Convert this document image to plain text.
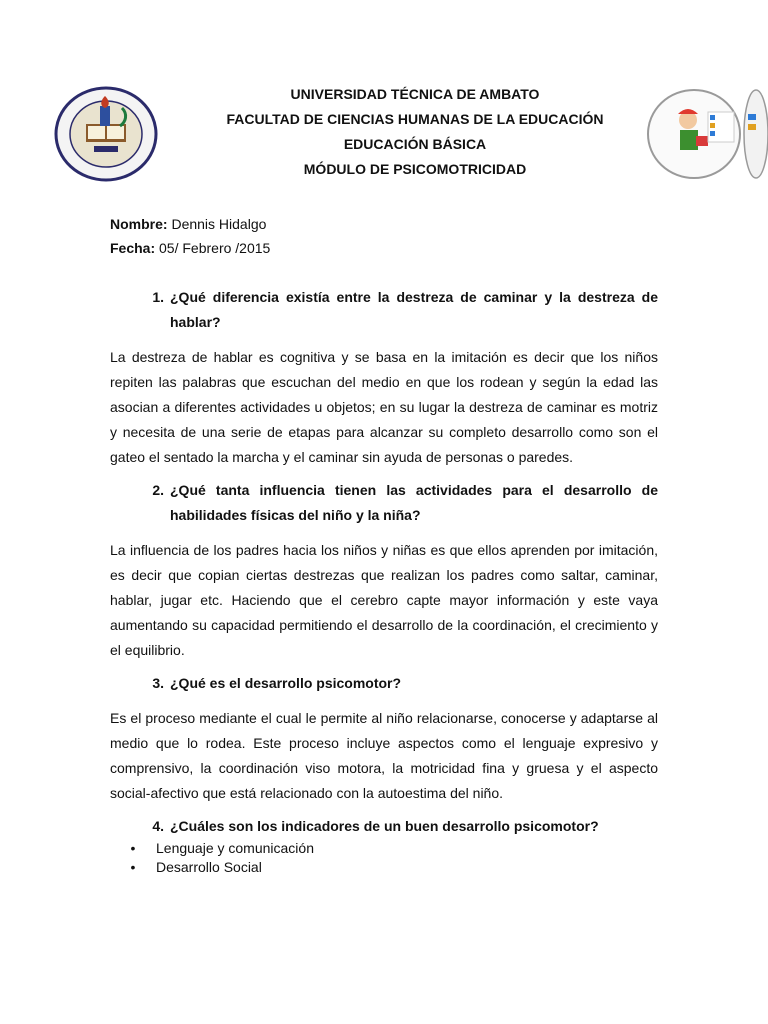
UNIVERSIDAD TÉCNICA DE AMBATO
FACULTAD DE CIENCIAS HUMANAS DE LA EDUCACIÓN
EDUCACIÓN BÁSICA
MÓDULO DE PSICOMOTRICIDAD
Nombre: Dennis Hidalgo
Fecha: 05/ Febrero /2015
1. ¿Qué diferencia existía entre la destreza de caminar y la destreza de hablar?

La destreza de hablar es cognitiva y se basa en la imitación es decir que los niños repiten las palabras que escuchan del medio en que los rodean y según la edad las asocian a diferentes actividades u objetos; en su lugar la destreza de caminar es motriz y necesita de una serie de etapas para alcanzar su completo desarrollo como son el gateo el sentado la marcha y el caminar sin ayuda de personas o paredes.

2. ¿Qué tanta influencia tienen las actividades para el desarrollo de habilidades físicas del niño y la niña?

La influencia de los padres hacia los niños y niñas es que ellos aprenden por imitación, es decir que copian ciertas destrezas que realizan los padres como saltar, caminar, hablar, jugar etc. Haciendo que el cerebro capte mayor información y este vaya aumentando su capacidad permitiendo el desarrollo de la coordinación, el crecimiento y el equilibrio.

3. ¿Qué es el desarrollo psicomotor?

Es el proceso mediante el cual le permite al niño relacionarse, conocerse y adaptarse al medio que lo rodea. Este proceso incluye aspectos como el lenguaje expresivo y comprensivo, la coordinación viso motora, la motricidad fina y gruesa y el aspecto social-afectivo que está relacionado con la autoestima del niño.

4. ¿Cuáles son los indicadores de un buen desarrollo psicomotor?
•	Lenguaje y comunicación
•	Desarrollo Social
